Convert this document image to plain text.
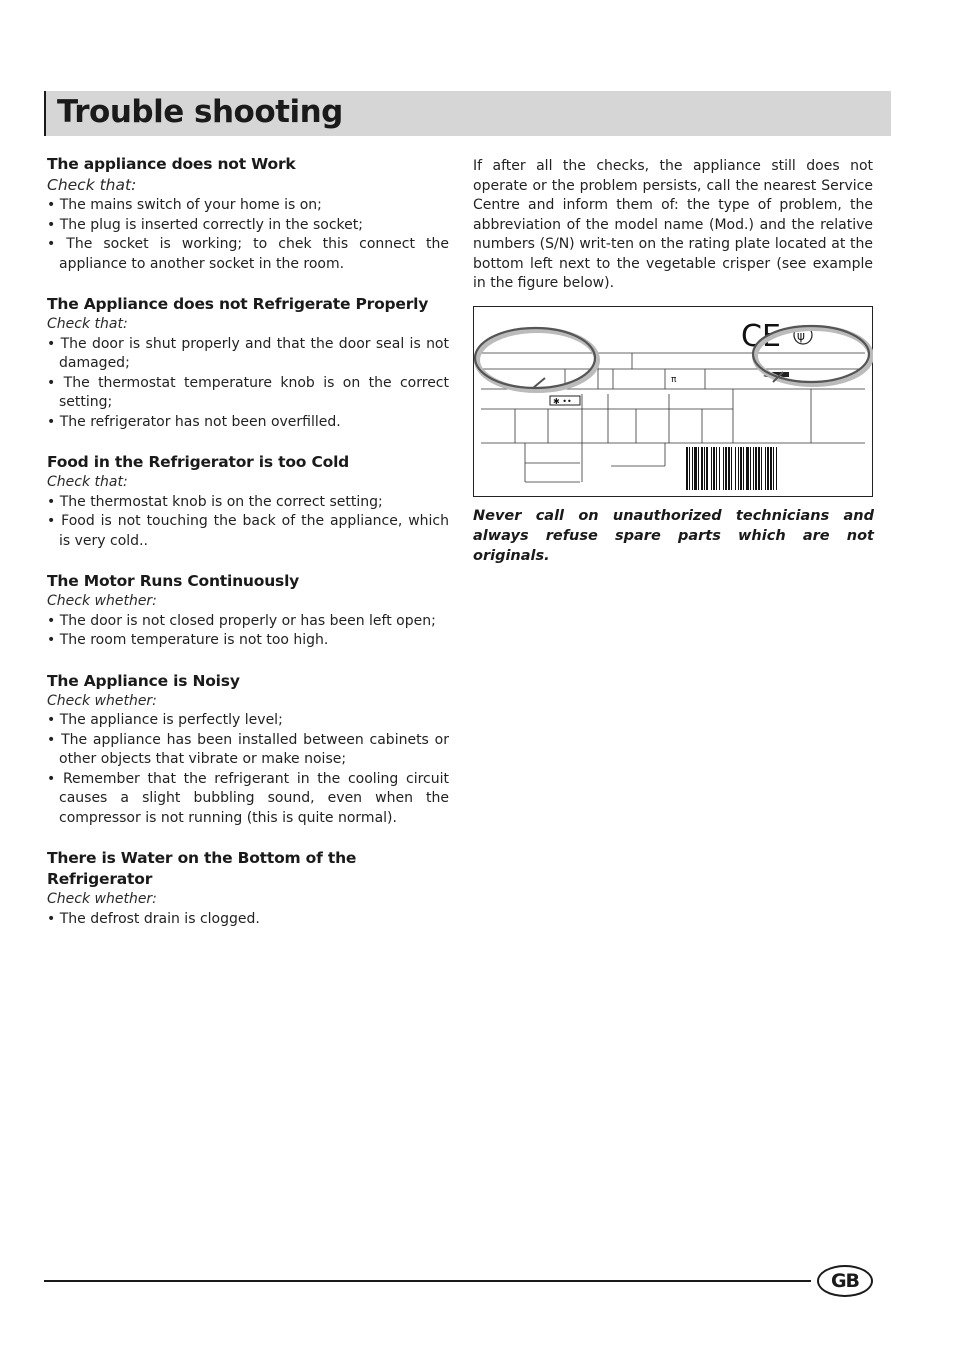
Trouble shooting
The appliance does not Work
Check that:
• The mains switch of your home is on;
• The plug is inserted correctly in the socket;
• The socket is working; to chek this connect the appliance to another socket in the room.
The Appliance does not Refrigerate Properly
Check that:
• The door is shut properly and that the door seal is not damaged;
• The thermostat temperature knob is on the correct setting;
• The refrigerator has not been overfilled.
Food in the Refrigerator is too Cold
Check that:
• The thermostat knob is on the correct setting;
• Food is not touching the back of the appliance, which is very cold..
The Motor Runs Continuously
Check whether:
• The door is not closed properly or has been left open;
• The room temperature is not too high.
The Appliance is Noisy
Check whether:
• The appliance is perfectly level;
• The appliance has been installed between cabinets or other objects that vibrate or make noise;
• Remember that the refrigerant in the cooling circuit causes a slight bubbling sound, even when the compressor is not running (this is quite normal).
There is Water on the Bottom of the Refrigerator
Check whether:
• The defrost drain is clogged.

If after all the checks, the appliance still does not operate or the problem persists, call the nearest Service Centre and inform them of: the type of problem, the abbreviation of the model name (Mod.) and the relative numbers (S/N) writ-ten on the rating plate located at the bottom left next to the vegetable crisper (see example in the figure below).

✱ ••
π
CE ψ
Never call on unauthorized technicians and always refuse spare parts which are not originals.
GB
